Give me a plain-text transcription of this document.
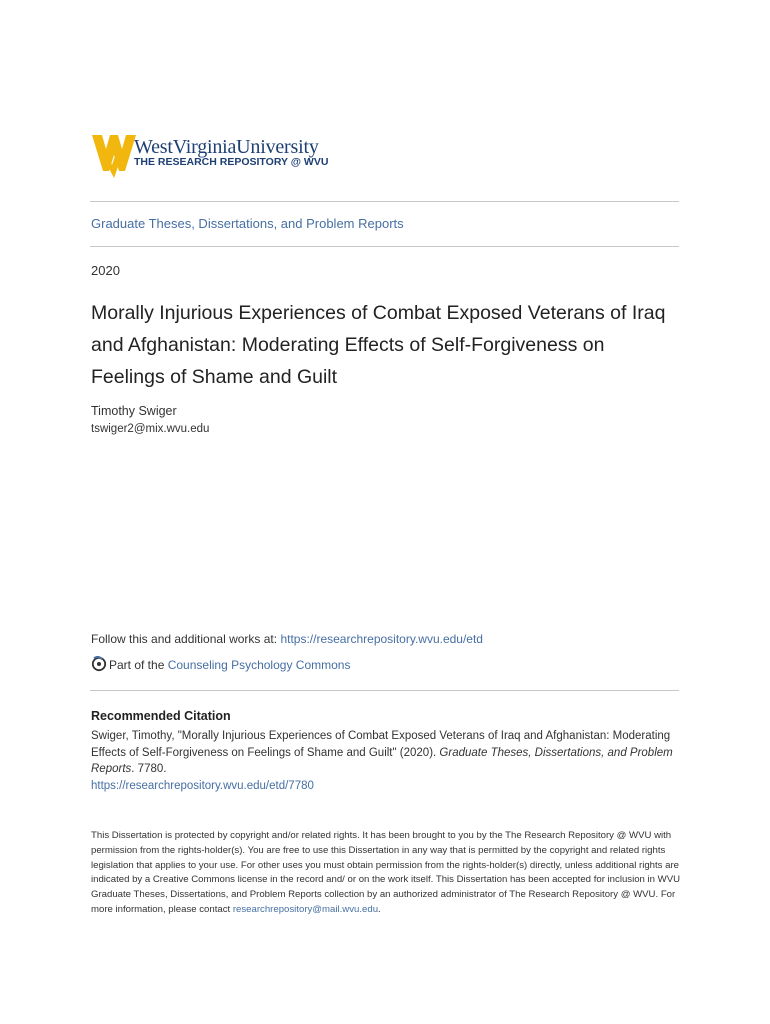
WestVirginiaUniversity
THE RESEARCH REPOSITORY @ WVU
Graduate Theses, Dissertations, and Problem Reports
2020
Morally Injurious Experiences of Combat Exposed Veterans of Iraq and Afghanistan: Moderating Effects of Self-Forgiveness on Feelings of Shame and Guilt
Timothy Swiger
tswiger2@mix.wvu.edu
Follow this and additional works at: https://researchrepository.wvu.edu/etd
Part of the Counseling Psychology Commons
Recommended Citation
Swiger, Timothy, "Morally Injurious Experiences of Combat Exposed Veterans of Iraq and Afghanistan: Moderating Effects of Self-Forgiveness on Feelings of Shame and Guilt" (2020). Graduate Theses, Dissertations, and Problem Reports. 7780.
https://researchrepository.wvu.edu/etd/7780
This Dissertation is protected by copyright and/or related rights. It has been brought to you by the The Research Repository @ WVU with permission from the rights-holder(s). You are free to use this Dissertation in any way that is permitted by the copyright and related rights legislation that applies to your use. For other uses you must obtain permission from the rights-holder(s) directly, unless additional rights are indicated by a Creative Commons license in the record and/ or on the work itself. This Dissertation has been accepted for inclusion in WVU Graduate Theses, Dissertations, and Problem Reports collection by an authorized administrator of The Research Repository @ WVU. For more information, please contact researchrepository@mail.wvu.edu.
